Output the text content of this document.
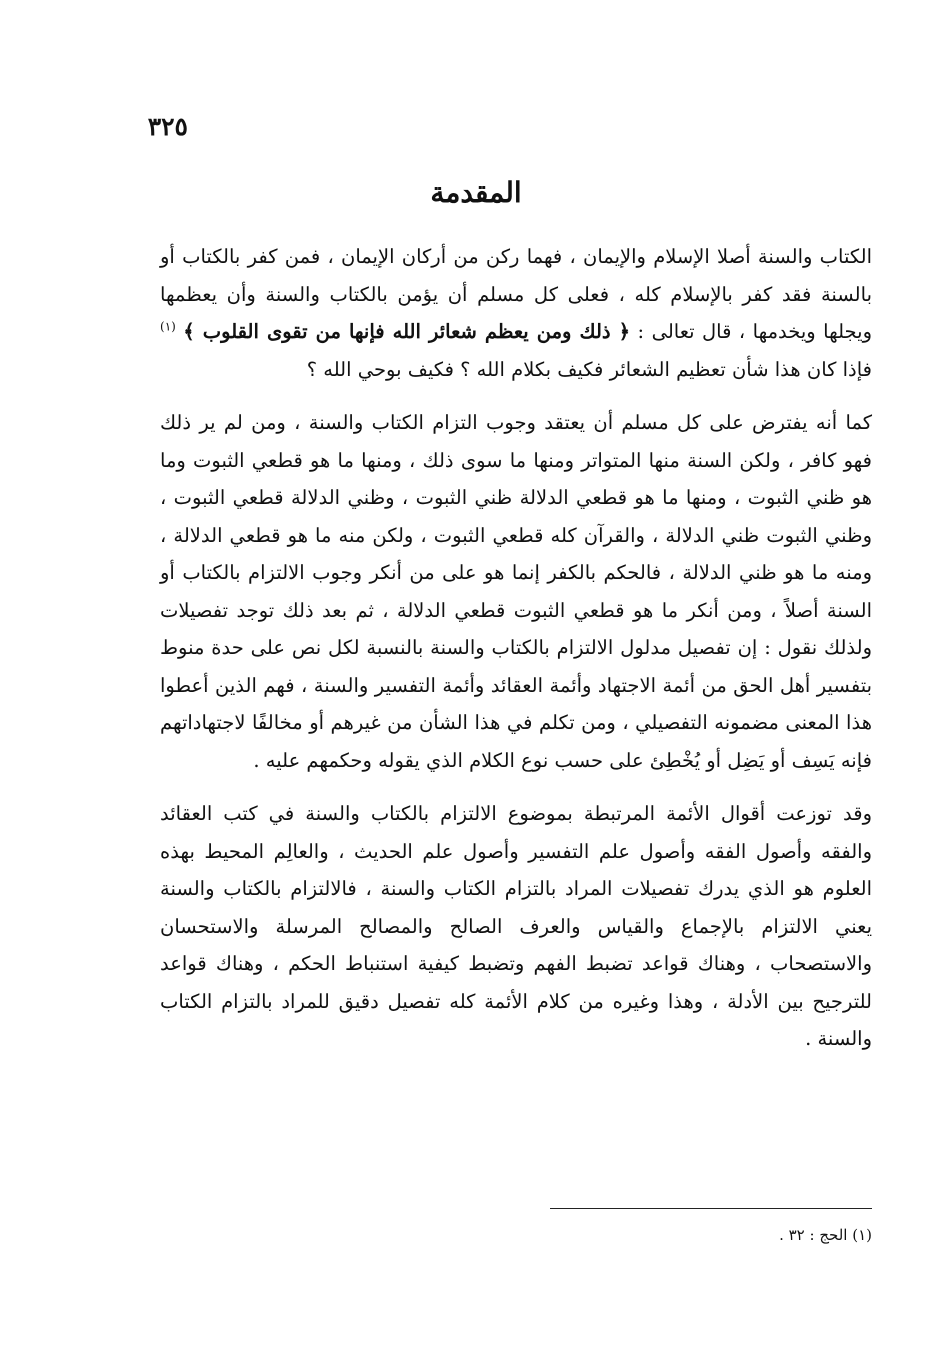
٣٢٥
المقدمة

الكتاب والسنة أصلا الإسلام والإيمان ، فهما ركن من أركان الإيمان ، فمن كفر بالكتاب أو بالسنة فقد كفر بالإسلام كله ، فعلى كل مسلم أن يؤمن بالكتاب والسنة وأن يعظمها ويجلها ويخدمها ، قال تعالى : ﴿ ذلك ومن يعظم شعائر الله فإنها من تقوى القلوب ﴾ $^{(١)}$ فإذا كان هذا شأن تعظيم الشعائر فكيف بكلام الله ؟ فكيف بوحي الله ؟

كما أنه يفترض على كل مسلم أن يعتقد وجوب التزام الكتاب والسنة ، ومن لم ير ذلك فهو كافر ، ولكن السنة منها المتواتر ومنها ما سوى ذلك ، ومنها ما هو قطعي الثبوت وما هو ظني الثبوت ، ومنها ما هو قطعي الدلالة ظني الثبوت ، وظني الدلالة قطعي الثبوت ، وظني الثبوت ظني الدلالة ، والقرآن كله قطعي الثبوت ، ولكن منه ما هو قطعي الدلالة ، ومنه ما هو ظني الدلالة ، فالحكم بالكفر إنما هو على من أنكر وجوب الالتزام بالكتاب أو السنة أصلاً ، ومن أنكر ما هو قطعي الثبوت قطعي الدلالة ، ثم بعد ذلك توجد تفصيلات ولذلك نقول : إن تفصيل مدلول الالتزام بالكتاب والسنة بالنسبة لكل نص على حدة منوط بتفسير أهل الحق من أئمة الاجتهاد وأئمة العقائد وأئمة التفسير والسنة ، فهم الذين أعطوا هذا المعنى مضمونه التفصيلي ، ومن تكلم في هذا الشأن من غيرهم أو مخالفًا لاجتهاداتهم فإنه يَسِف أو يَضِل أو يُخْطِئ على حسب نوع الكلام الذي يقوله وحكمهم عليه .

وقد توزعت أقوال الأئمة المرتبطة بموضوع الالتزام بالكتاب والسنة في كتب العقائد والفقه وأصول الفقه وأصول علم التفسير وأصول علم الحديث ، والعالِم المحيط بهذه العلوم هو الذي يدرك تفصيلات المراد بالتزام الكتاب والسنة ، فالالتزام بالكتاب والسنة يعني الالتزام بالإجماع والقياس والعرف الصالح والمصالح المرسلة والاستحسان والاستصحاب ، وهناك قواعد تضبط الفهم وتضبط كيفية استنباط الحكم ، وهناك قواعد للترجيح بين الأدلة ، وهذا وغيره من كلام الأئمة كله تفصيل دقيق للمراد بالتزام الكتاب والسنة .

(١) الحج : ٣٢ .
